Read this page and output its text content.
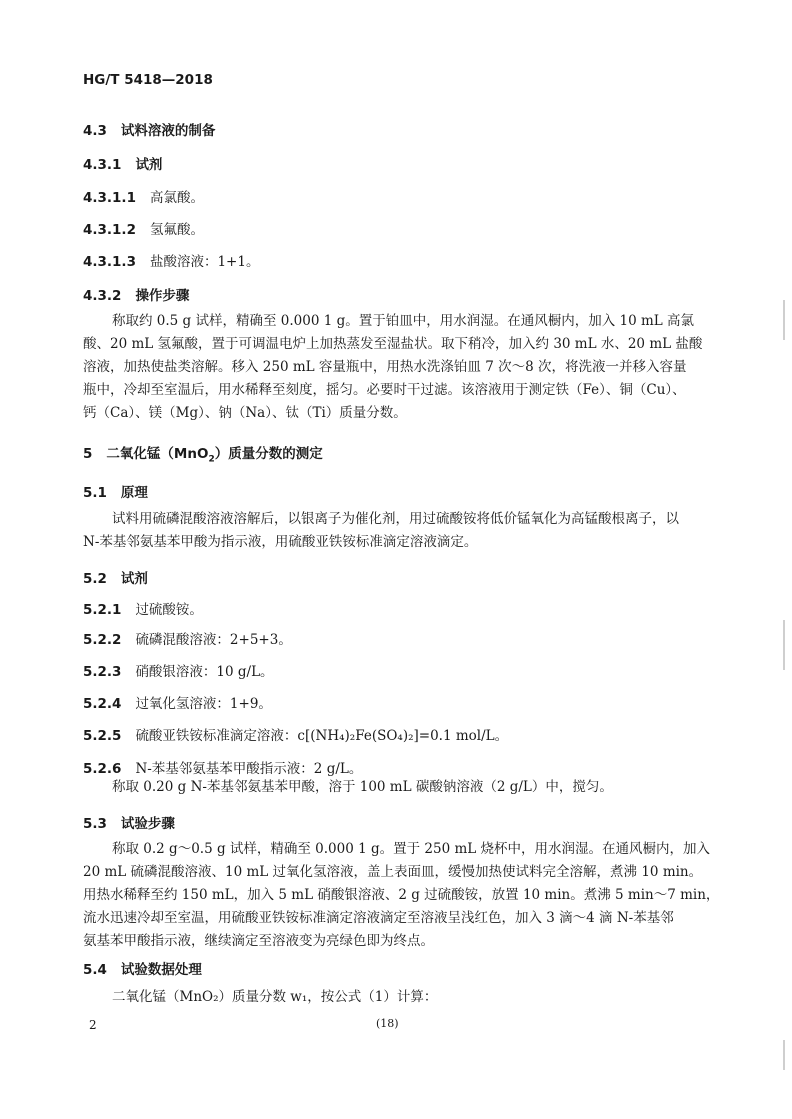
HG/T 5418—2018
4.3 试料溶液的制备
4.3.1 试剂
4.3.1.1 高氯酸。
4.3.1.2 氢氟酸。
4.3.1.3 盐酸溶液：1+1。
4.3.2 操作步骤
称取约 0.5 g 试样，精确至 0.000 1 g。置于铂皿中，用水润湿。在通风橱内，加入 10 mL 高氯
酸、20 mL 氢氟酸，置于可调温电炉上加热蒸发至湿盐状。取下稍冷，加入约 30 mL 水、20 mL 盐酸
溶液，加热使盐类溶解。移入 250 mL 容量瓶中，用热水洗涤铂皿 7 次～8 次，将洗液一并移入容量
瓶中，冷却至室温后，用水稀释至刻度，摇匀。必要时干过滤。该溶液用于测定铁（Fe）、铜（Cu）、
钙（Ca）、镁（Mg）、钠（Na）、钛（Ti）质量分数。
5 二氧化锰（MnO$_2$）质量分数的测定
5.1 原理
试料用硫磷混酸溶液溶解后，以银离子为催化剂，用过硫酸铵将低价锰氧化为高锰酸根离子，以
N-苯基邻氨基苯甲酸为指示液，用硫酸亚铁铵标准滴定溶液滴定。
5.2 试剂
5.2.1 过硫酸铵。
5.2.2 硫磷混酸溶液：2+5+3。
5.2.3 硝酸银溶液：10 g/L。
5.2.4 过氧化氢溶液：1+9。
5.2.5 硫酸亚铁铵标准滴定溶液：c[(NH₄)₂Fe(SO₄)₂]=0.1 mol/L。
5.2.6 N-苯基邻氨基苯甲酸指示液：2 g/L。
称取 0.20 g N-苯基邻氨基苯甲酸，溶于 100 mL 碳酸钠溶液（2 g/L）中，搅匀。
5.3 试验步骤
称取 0.2 g～0.5 g 试样，精确至 0.000 1 g。置于 250 mL 烧杯中，用水润湿。在通风橱内，加入
20 mL 硫磷混酸溶液、10 mL 过氧化氢溶液，盖上表面皿，缓慢加热使试料完全溶解，煮沸 10 min。
用热水稀释至约 150 mL，加入 5 mL 硝酸银溶液、2 g 过硫酸铵，放置 10 min。煮沸 5 min～7 min，
流水迅速冷却至室温，用硫酸亚铁铵标准滴定溶液滴定至溶液呈浅红色，加入 3 滴～4 滴 N-苯基邻
氨基苯甲酸指示液，继续滴定至溶液变为亮绿色即为终点。
5.4 试验数据处理
二氧化锰（MnO₂）质量分数 w₁，按公式（1）计算：
2	(18)
